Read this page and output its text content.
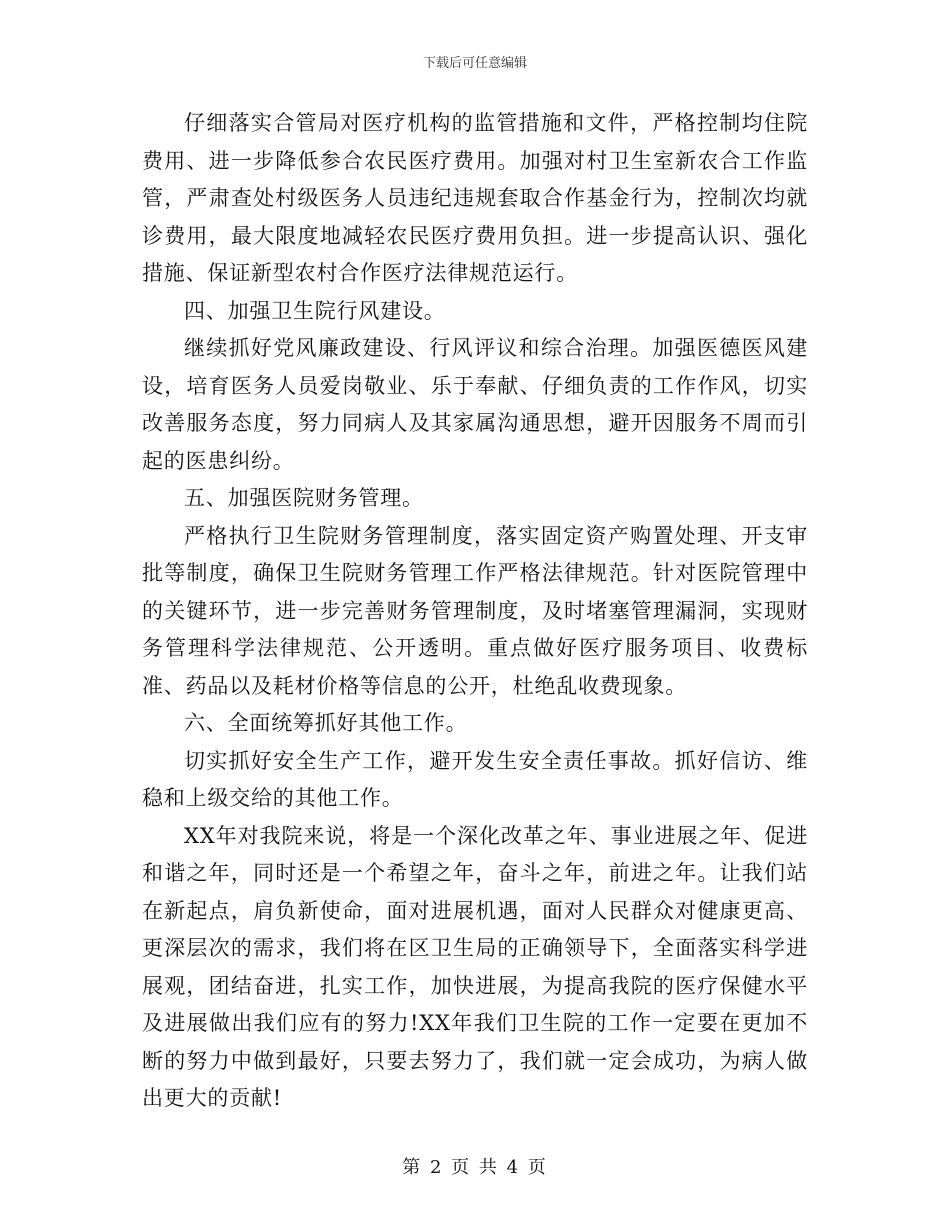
下载后可任意编辑

仔细落实合管局对医疗机构的监管措施和文件，严格控制均住院费用、进一步降低参合农民医疗费用。加强对村卫生室新农合工作监管，严肃查处村级医务人员违纪违规套取合作基金行为，控制次均就诊费用，最大限度地减轻农民医疗费用负担。进一步提高认识、强化措施、保证新型农村合作医疗法律规范运行。

四、加强卫生院行风建设。

继续抓好党风廉政建设、行风评议和综合治理。加强医德医风建设，培育医务人员爱岗敬业、乐于奉献、仔细负责的工作作风，切实改善服务态度，努力同病人及其家属沟通思想，避开因服务不周而引起的医患纠纷。

五、加强医院财务管理。

严格执行卫生院财务管理制度，落实固定资产购置处理、开支审批等制度，确保卫生院财务管理工作严格法律规范。针对医院管理中的关键环节，进一步完善财务管理制度，及时堵塞管理漏洞，实现财务管理科学法律规范、公开透明。重点做好医疗服务项目、收费标准、药品以及耗材价格等信息的公开，杜绝乱收费现象。

六、全面统筹抓好其他工作。

切实抓好安全生产工作，避开发生安全责任事故。抓好信访、维稳和上级交给的其他工作。

XX年对我院来说，将是一个深化改革之年、事业进展之年、促进和谐之年，同时还是一个希望之年，奋斗之年，前进之年。让我们站在新起点，肩负新使命，面对进展机遇，面对人民群众对健康更高、更深层次的需求，我们将在区卫生局的正确领导下，全面落实科学进展观，团结奋进，扎实工作，加快进展，为提高我院的医疗保健水平及进展做出我们应有的努力!XX年我们卫生院的工作一定要在更加不断的努力中做到最好，只要去努力了，我们就一定会成功，为病人做出更大的贡献!

第 2 页 共 4 页
